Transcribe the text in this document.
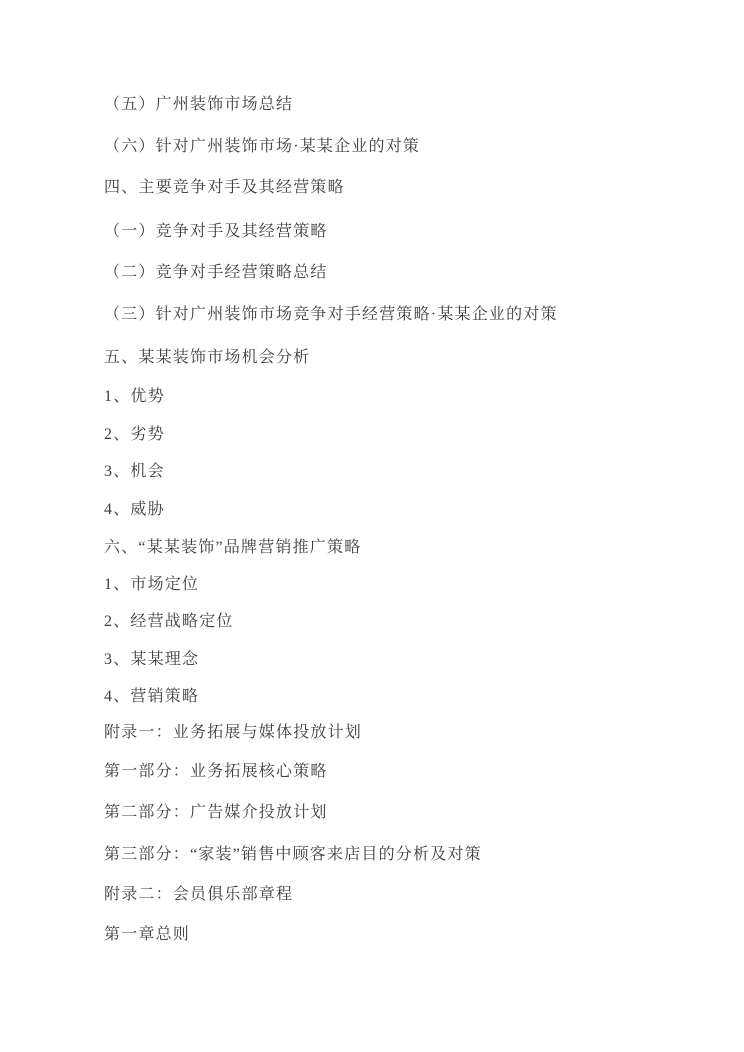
（五）广州装饰市场总结

（六）针对广州装饰市场·某某企业的对策

四、主要竞争对手及其经营策略

（一）竞争对手及其经营策略

（二）竞争对手经营策略总结

（三）针对广州装饰市场竞争对手经营策略·某某企业的对策

五、某某装饰市场机会分析

1、优势

2、劣势

3、机会

4、威胁

六、“某某装饰”品牌营销推广策略

1、市场定位

2、经营战略定位

3、某某理念

4、营销策略

附录一：业务拓展与媒体投放计划

第一部分：业务拓展核心策略

第二部分：广告媒介投放计划

第三部分：“家装”销售中顾客来店目的分析及对策

附录二：会员俱乐部章程

第一章总则
